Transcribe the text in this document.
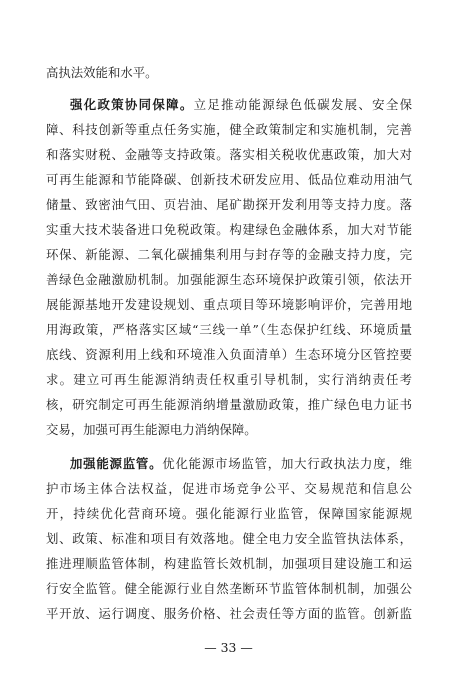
高执法效能和水平。
强化政策协同保障。立足推动能源绿色低碳发展、安全保
障、科技创新等重点任务实施，健全政策制定和实施机制，完善
和落实财税、金融等支持政策。落实相关税收优惠政策，加大对
可再生能源和节能降碳、创新技术研发应用、低品位难动用油气
储量、致密油气田、页岩油、尾矿勘探开发利用等支持力度。落
实重大技术装备进口免税政策。构建绿色金融体系，加大对节能
环保、新能源、二氧化碳捕集利用与封存等的金融支持力度，完
善绿色金融激励机制。加强能源生态环境保护政策引领，依法开
展能源基地开发建设规划、重点项目等环境影响评价，完善用地
用海政策，严格落实区域“三线一单”（生态保护红线、环境质量
底线、资源利用上线和环境准入负面清单）生态环境分区管控要
求。建立可再生能源消纳责任权重引导机制，实行消纳责任考
核，研究制定可再生能源消纳增量激励政策，推广绿色电力证书
交易，加强可再生能源电力消纳保障。
加强能源监管。优化能源市场监管，加大行政执法力度，维
护市场主体合法权益，促进市场竞争公平、交易规范和信息公
开，持续优化营商环境。强化能源行业监管，保障国家能源规
划、政策、标准和项目有效落地。健全电力安全监管执法体系，
推进理顺监管体制，构建监管长效机制，加强项目建设施工和运
行安全监管。健全能源行业自然垄断环节监管体制机制，加强公
平开放、运行调度、服务价格、社会责任等方面的监管。创新监
— 33 —
